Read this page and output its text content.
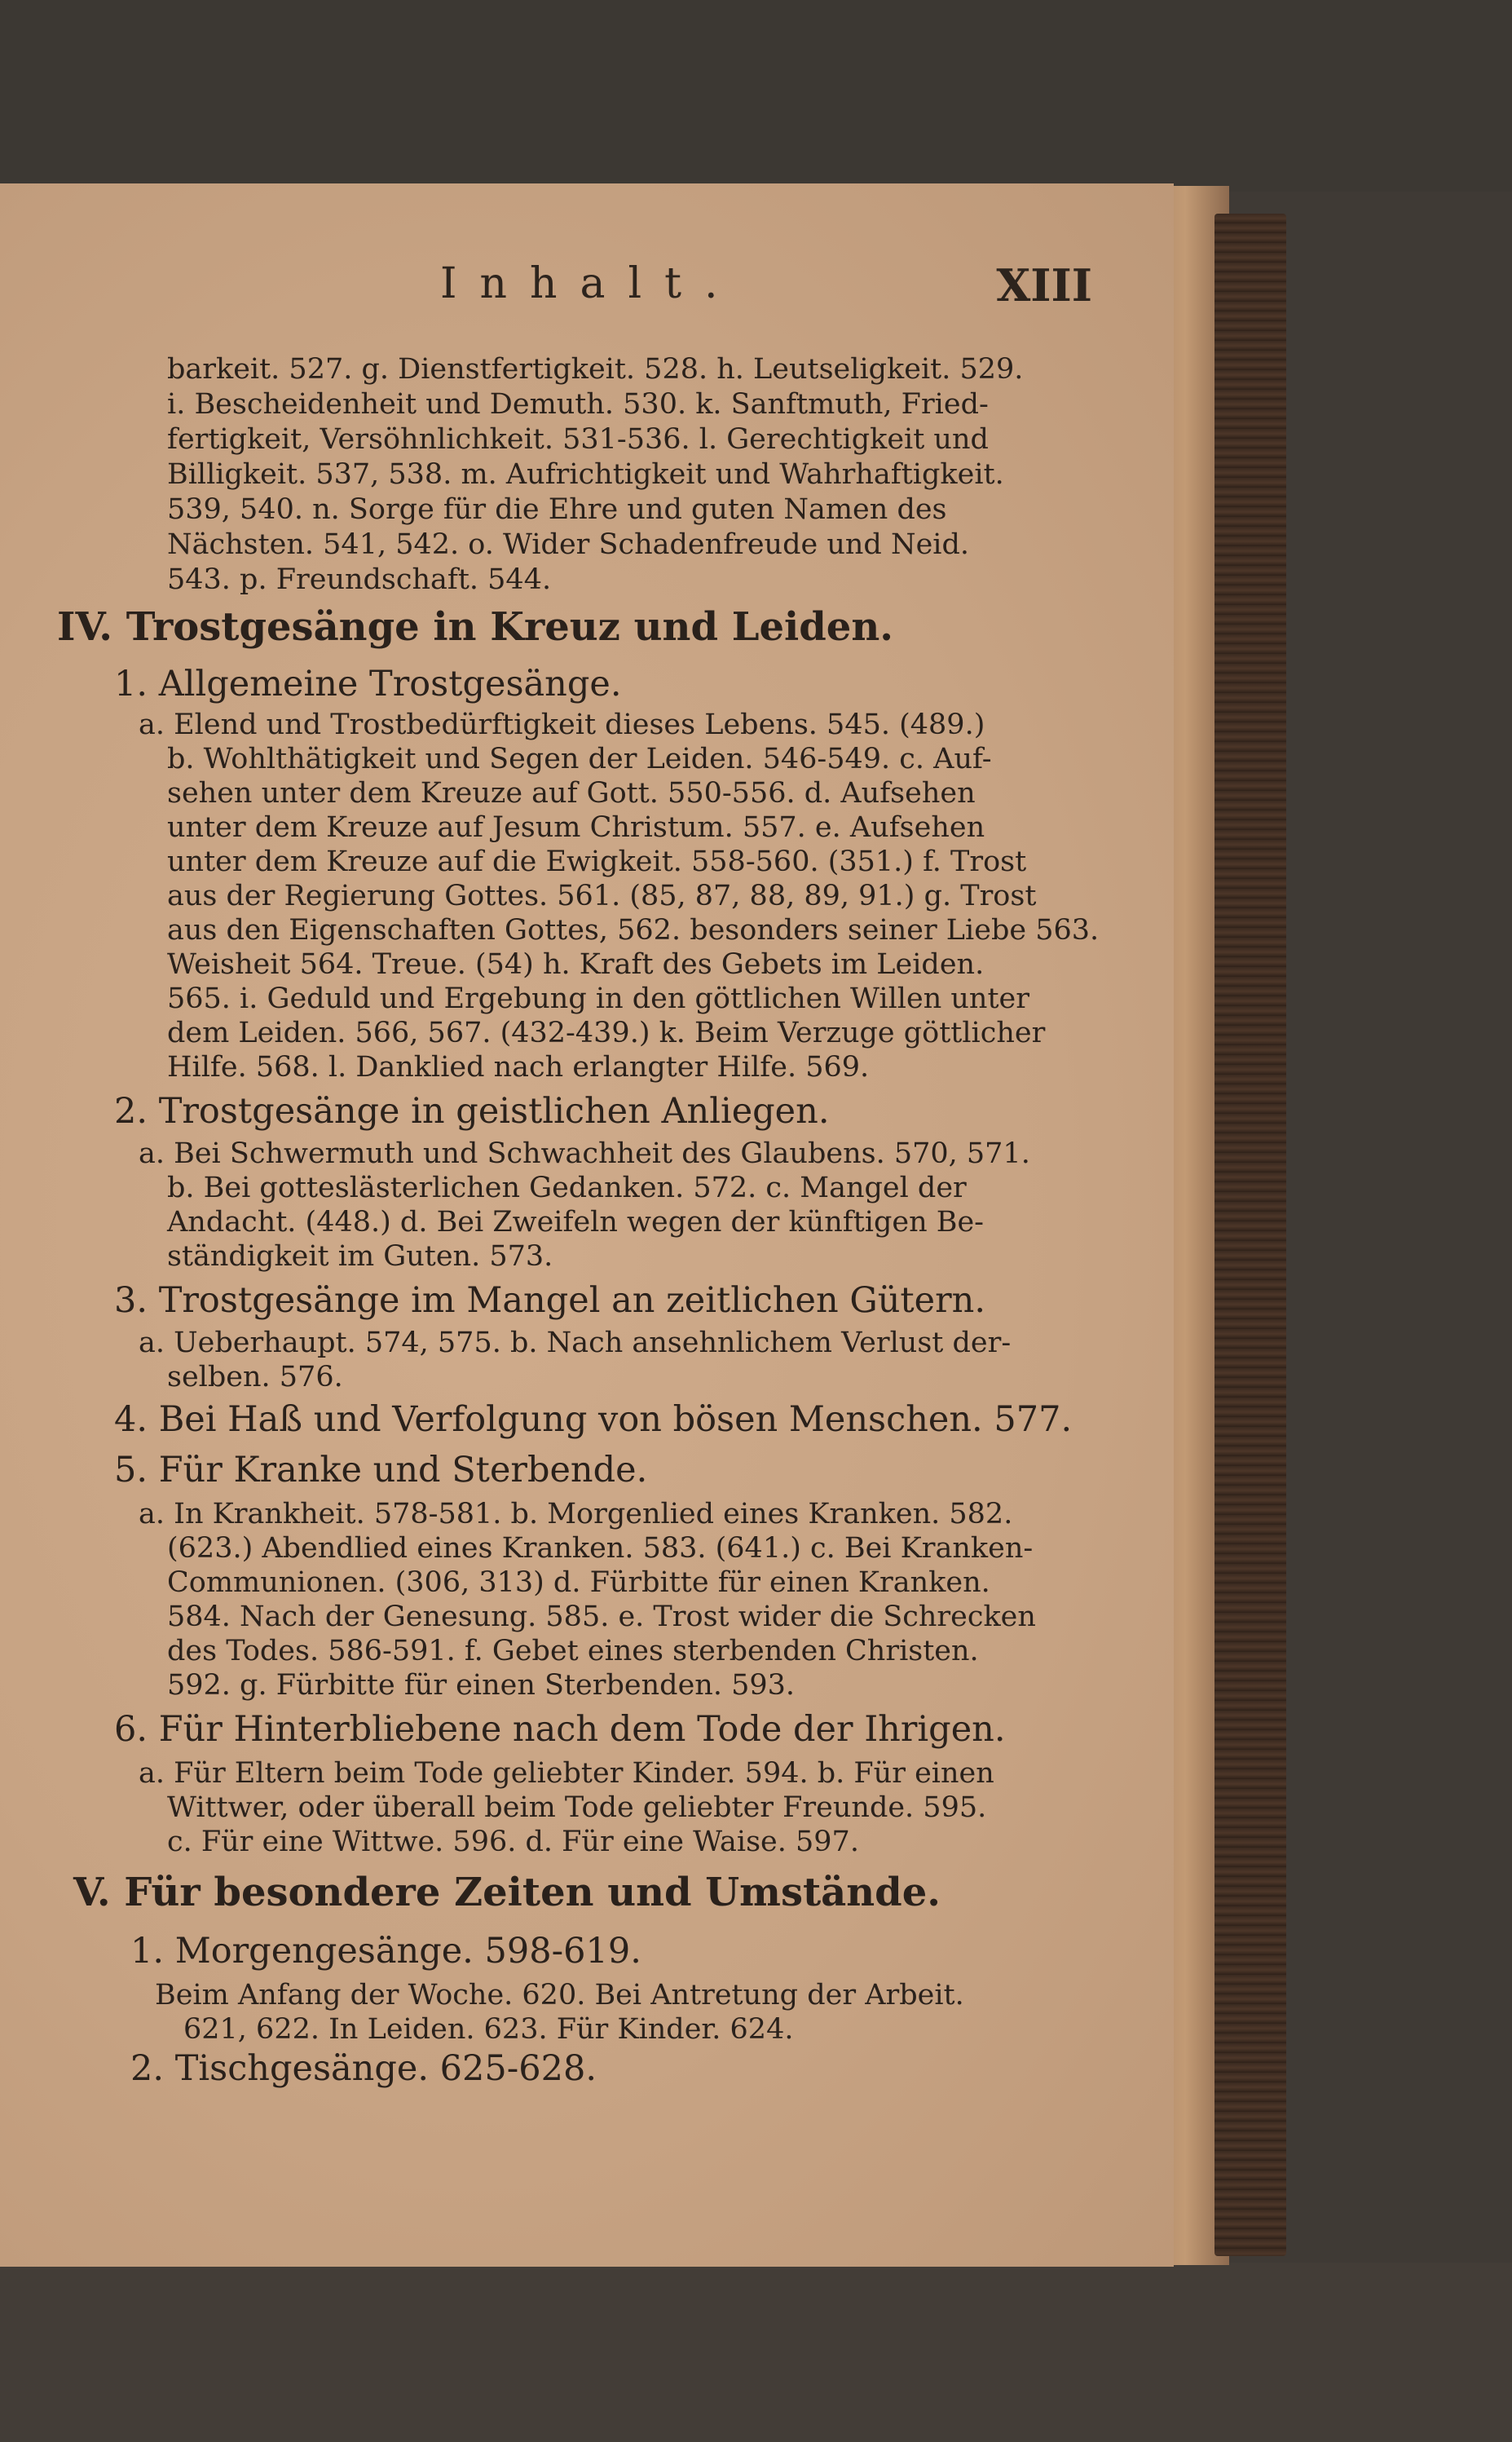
Inhalt.	XIII
barkeit. 527. g. Dienstfertigkeit. 528. h. Leutseligkeit. 529.
i. Bescheidenheit und Demuth. 530. k. Sanftmuth, Fried-
fertigkeit, Versöhnlichkeit. 531-536. l. Gerechtigkeit und
Billigkeit. 537, 538. m. Aufrichtigkeit und Wahrhaftigkeit.
539, 540. n. Sorge für die Ehre und guten Namen des
Nächsten. 541, 542. o. Wider Schadenfreude und Neid.
543. p. Freundschaft. 544.
IV. Trostgesänge in Kreuz und Leiden.
1. Allgemeine Trostgesänge.
a. Elend und Trostbedürftigkeit dieses Lebens. 545. (489.)
b. Wohlthätigkeit und Segen der Leiden. 546-549. c. Auf-
sehen unter dem Kreuze auf Gott. 550-556. d. Aufsehen
unter dem Kreuze auf Jesum Christum. 557. e. Aufsehen
unter dem Kreuze auf die Ewigkeit. 558-560. (351.) f. Trost
aus der Regierung Gottes. 561. (85, 87, 88, 89, 91.) g. Trost
aus den Eigenschaften Gottes, 562. besonders seiner Liebe 563.
Weisheit 564. Treue. (54) h. Kraft des Gebets im Leiden.
565. i. Geduld und Ergebung in den göttlichen Willen unter
dem Leiden. 566, 567. (432-439.) k. Beim Verzuge göttlicher
Hilfe. 568. l. Danklied nach erlangter Hilfe. 569.
2. Trostgesänge in geistlichen Anliegen.
a. Bei Schwermuth und Schwachheit des Glaubens. 570, 571.
b. Bei gotteslästerlichen Gedanken. 572. c. Mangel der
Andacht. (448.) d. Bei Zweifeln wegen der künftigen Be-
ständigkeit im Guten. 573.
3. Trostgesänge im Mangel an zeitlichen Gütern.
a. Ueberhaupt. 574, 575. b. Nach ansehnlichem Verlust der-
selben. 576.
4. Bei Haß und Verfolgung von bösen Menschen. 577.
5. Für Kranke und Sterbende.
a. In Krankheit. 578-581. b. Morgenlied eines Kranken. 582.
(623.) Abendlied eines Kranken. 583. (641.) c. Bei Kranken-
Communionen. (306, 313) d. Fürbitte für einen Kranken.
584. Nach der Genesung. 585. e. Trost wider die Schrecken
des Todes. 586-591. f. Gebet eines sterbenden Christen.
592. g. Fürbitte für einen Sterbenden. 593.
6. Für Hinterbliebene nach dem Tode der Ihrigen.
a. Für Eltern beim Tode geliebter Kinder. 594. b. Für einen
Wittwer, oder überall beim Tode geliebter Freunde. 595.
c. Für eine Wittwe. 596. d. Für eine Waise. 597.
V. Für besondere Zeiten und Umstände.
1. Morgengesänge. 598-619.
Beim Anfang der Woche. 620. Bei Antretung der Arbeit.
621, 622. In Leiden. 623. Für Kinder. 624.
2. Tischgesänge. 625-628.
